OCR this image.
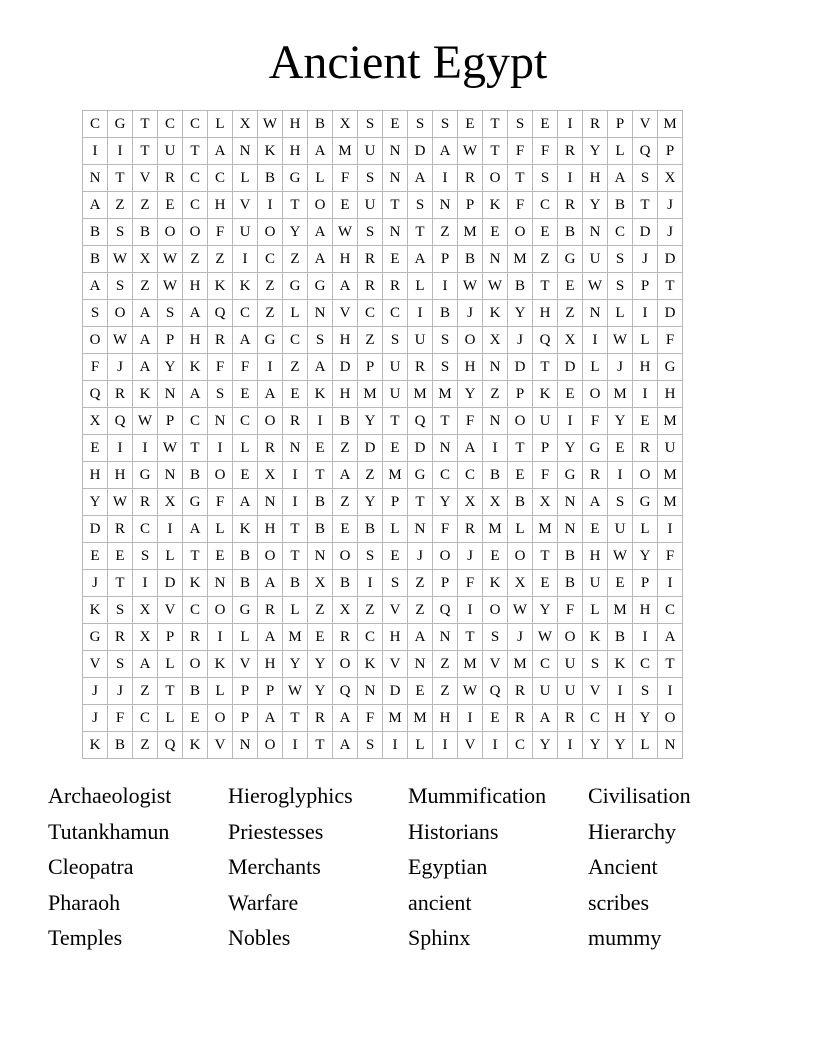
Ancient Egypt
C	G	T	C	C	L	X	W	H	B	X	S	E	S	S	E	T	S	E	I	R	P	V	M
I	I	T	U	T	A	N	K	H	A	M	U	N	D	A	W	T	F	F	R	Y	L	Q	P
N	T	V	R	C	C	L	B	G	L	F	S	N	A	I	R	O	T	S	I	H	A	S	X
A	Z	Z	E	C	H	V	I	T	O	E	U	T	S	N	P	K	F	C	R	Y	B	T	J
B	S	B	O	O	F	U	O	Y	A	W	S	N	T	Z	M	E	O	E	B	N	C	D	J
B	W	X	W	Z	Z	I	C	Z	A	H	R	E	A	P	B	N	M	Z	G	U	S	J	D
A	S	Z	W	H	K	K	Z	G	G	A	R	R	L	I	W	W	B	T	E	W	S	P	T
S	O	A	S	A	Q	C	Z	L	N	V	C	C	I	B	J	K	Y	H	Z	N	L	I	D
O	W	A	P	H	R	A	G	C	S	H	Z	S	U	S	O	X	J	Q	X	I	W	L	F
F	J	A	Y	K	F	F	I	Z	A	D	P	U	R	S	H	N	D	T	D	L	J	H	G
Q	R	K	N	A	S	E	A	E	K	H	M	U	M	M	Y	Z	P	K	E	O	M	I	H
X	Q	W	P	C	N	C	O	R	I	B	Y	T	Q	T	F	N	O	U	I	F	Y	E	M
E	I	I	W	T	I	L	R	N	E	Z	D	E	D	N	A	I	T	P	Y	G	E	R	U
H	H	G	N	B	O	E	X	I	T	A	Z	M	G	C	C	B	E	F	G	R	I	O	M
Y	W	R	X	G	F	A	N	I	B	Z	Y	P	T	Y	X	X	B	X	N	A	S	G	M
D	R	C	I	A	L	K	H	T	B	E	B	L	N	F	R	M	L	M	N	E	U	L	I
E	E	S	L	T	E	B	O	T	N	O	S	E	J	O	J	E	O	T	B	H	W	Y	F
J	T	I	D	K	N	B	A	B	X	B	I	S	Z	P	F	K	X	E	B	U	E	P	I
K	S	X	V	C	O	G	R	L	Z	X	Z	V	Z	Q	I	O	W	Y	F	L	M	H	C
G	R	X	P	R	I	L	A	M	E	R	C	H	A	N	T	S	J	W	O	K	B	I	A
V	S	A	L	O	K	V	H	Y	Y	O	K	V	N	Z	M	V	M	C	U	S	K	C	T
J	J	Z	T	B	L	P	P	W	Y	Q	N	D	E	Z	W	Q	R	U	U	V	I	S	I
J	F	C	L	E	O	P	A	T	R	A	F	M	M	H	I	E	R	A	R	C	H	Y	O
K	B	Z	Q	K	V	N	O	I	T	A	S	I	L	I	V	I	C	Y	I	Y	Y	L	N
Archaeologist	Hieroglyphics	Mummification	Civilisation
Tutankhamun	Priestesses	Historians	Hierarchy
Cleopatra	Merchants	Egyptian	Ancient
Pharaoh	Warfare	ancient	scribes
Temples	Nobles	Sphinx	mummy
